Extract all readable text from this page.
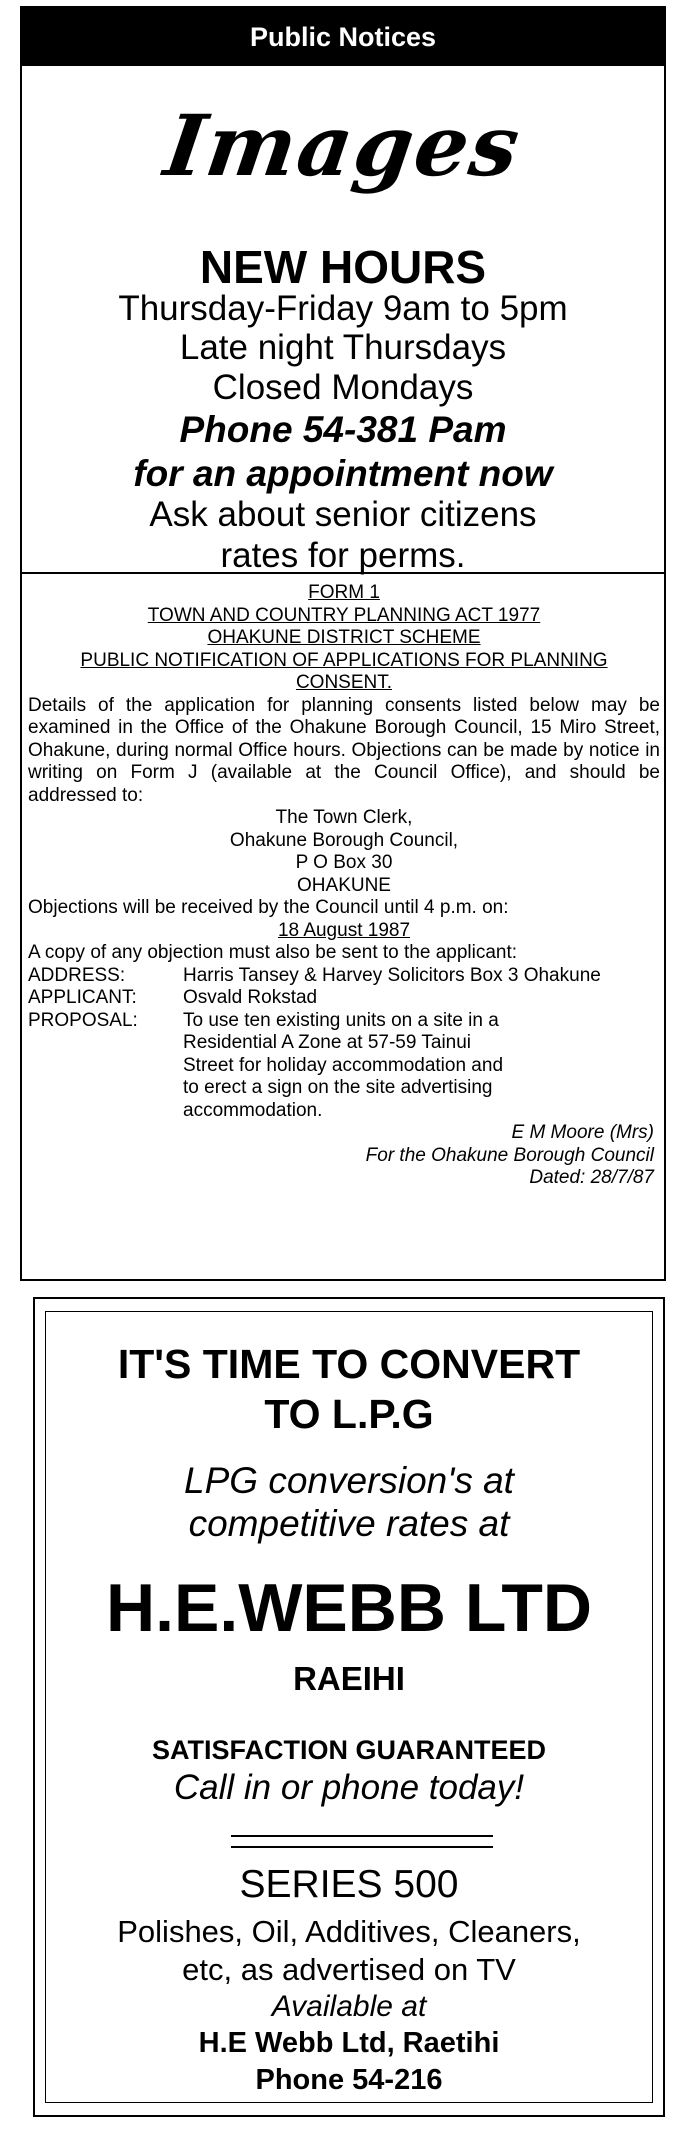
Public Notices
Images
NEW HOURS
Thursday-Friday 9am to 5pm
Late night Thursdays
Closed Mondays
Phone 54-381 Pam
for an appointment now
Ask about senior citizens
rates for perms.
FORM 1
TOWN AND COUNTRY PLANNING ACT 1977
OHAKUNE DISTRICT SCHEME
PUBLIC NOTIFICATION OF APPLICATIONS FOR PLANNING
CONSENT.
Details of the application for planning consents listed below may be examined in the Office of the Ohakune Borough Council, 15 Miro Street, Ohakune, during normal Office hours. Objections can be made by notice in writing on Form J (available at the Council Office), and should be addressed to:
The Town Clerk,
Ohakune Borough Council,
P O Box 30
OHAKUNE
Objections will be received by the Council until 4 p.m. on:
18 August 1987
A copy of any objection must also be sent to the applicant:
ADDRESS:	Harris Tansey & Harvey Solicitors Box 3 Ohakune
APPLICANT:	Osvald Rokstad
PROPOSAL:	To use ten existing units on a site in a Residential A Zone at 57-59 Tainui Street for holiday accommodation and to erect a sign on the site advertising accommodation.
E M Moore (Mrs)
For the Ohakune Borough Council
Dated: 28/7/87
IT'S TIME TO CONVERT
TO L.P.G
LPG conversion's at
competitive rates at
H.E.WEBB LTD
RAEIHI
SATISFACTION GUARANTEED
Call in or phone today!
SERIES 500
Polishes, Oil, Additives, Cleaners,
etc, as advertised on TV
Available at
H.E Webb Ltd, Raetihi
Phone 54-216
